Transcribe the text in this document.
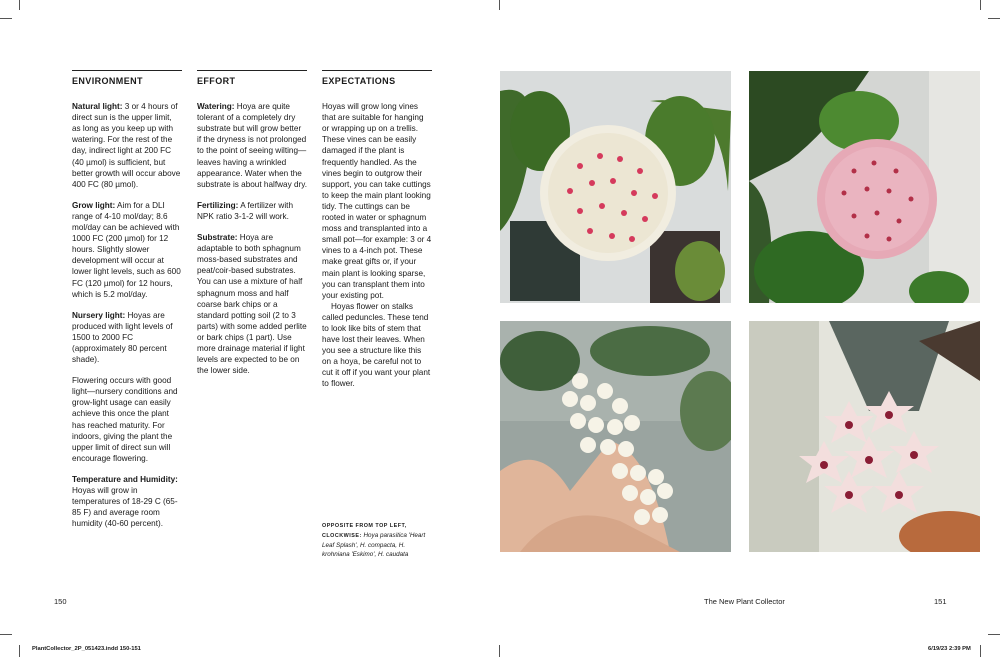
ENVIRONMENT

Natural light: 3 or 4 hours of direct sun is the upper limit, as long as you keep up with watering. For the rest of the day, indirect light at 200 FC (40 µmol) is sufficient, but better growth will occur above 400 FC (80 µmol).

Grow light: Aim for a DLI range of 4-10 mol/day; 8.6 mol/day can be achieved with 1000 FC (200 µmol) for 12 hours. Slightly slower development will occur at lower light levels, such as 600 FC (120 µmol) for 12 hours, which is 5.2 mol/day.

Nursery light: Hoyas are produced with light levels of 1500 to 2000 FC (approximately 80 percent shade).

Flowering occurs with good light—nursery conditions and grow-light usage can easily achieve this once the plant has reached maturity. For indoors, giving the plant the upper limit of direct sun will encourage flowering.

Temperature and Humidity: Hoyas will grow in temperatures of 18-29 C (65-85 F) and average room humidity (40-60 percent).

EFFORT

Watering: Hoya are quite tolerant of a completely dry substrate but will grow better if the dryness is not prolonged to the point of seeing wilting—leaves having a wrinkled appearance. Water when the substrate is about halfway dry.

Fertilizing: A fertilizer with NPK ratio 3-1-2 will work.

Substrate: Hoya are adaptable to both sphagnum moss-based substrates and peat/coir-based substrates. You can use a mixture of half sphagnum moss and half coarse bark chips or a standard potting soil (2 to 3 parts) with some added perlite or bark chips (1 part). Use more drainage material if light levels are expected to be on the lower side.

EXPECTATIONS

Hoyas will grow long vines that are suitable for hanging or wrapping up on a trellis. These vines can be easily damaged if the plant is frequently handled. As the vines begin to outgrow their support, you can take cuttings to keep the main plant looking tidy. The cuttings can be rooted in water or sphagnum moss and transplanted into a small pot—for example: 3 or 4 vines to a 4-inch pot. These make great gifts or, if your main plant is looking sparse, you can transplant them into your existing pot.

Hoyas flower on stalks called peduncles. These tend to look like bits of stem that have lost their leaves. When you see a structure like this on a hoya, be careful not to cut it off if you want your plant to flower.

OPPOSITE FROM TOP LEFT, CLOCKWISE: Hoya parasitica 'Heart Leaf Splash', H. compacta, H. krohniana 'Eskimo', H. caudata
150	The New Plant Collector	151
PlantCollector_2P_051423.indd 150-151	6/19/23 2:39 PM
